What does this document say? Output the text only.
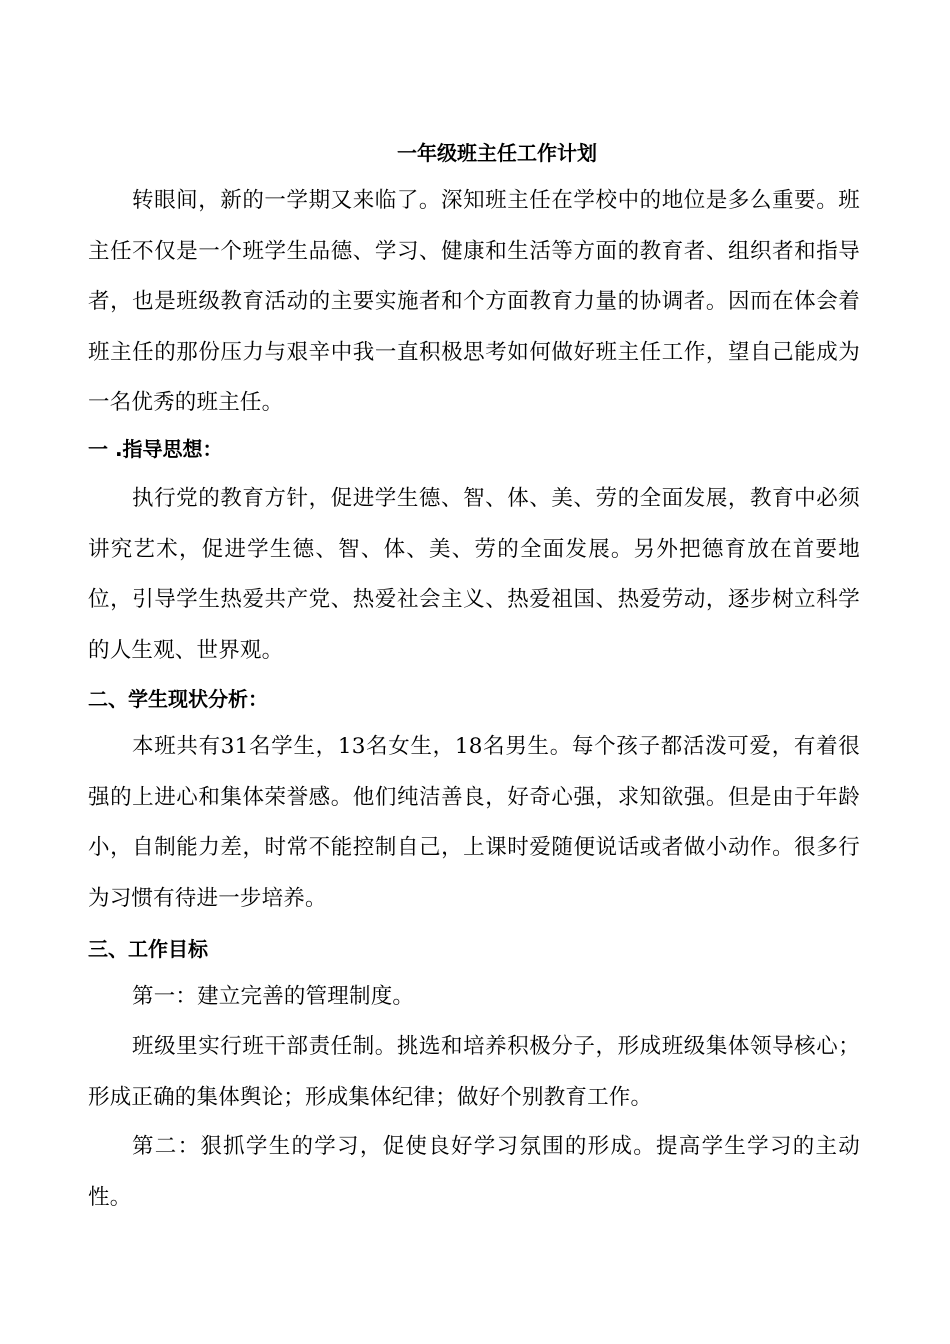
一年级班主任工作计划

转眼间，新的一学期又来临了。深知班主任在学校中的地位是多么重要。班主任不仅是一个班学生品德、学习、健康和生活等方面的教育者、组织者和指导者，也是班级教育活动的主要实施者和个方面教育力量的协调者。因而在体会着班主任的那份压力与艰辛中我一直积极思考如何做好班主任工作，望自己能成为一名优秀的班主任。

一 .指导思想：

执行党的教育方针，促进学生德、智、体、美、劳的全面发展，教育中必须讲究艺术，促进学生德、智、体、美、劳的全面发展。另外把德育放在首要地位，引导学生热爱共产党、热爱社会主义、热爱祖国、热爱劳动，逐步树立科学的人生观、世界观。

二、学生现状分析：

本班共有31名学生，13名女生，18名男生。每个孩子都活泼可爱，有着很强的上进心和集体荣誉感。他们纯洁善良，好奇心强，求知欲强。但是由于年龄小，自制能力差，时常不能控制自己，上课时爱随便说话或者做小动作。很多行为习惯有待进一步培养。

三、工作目标

第一：建立完善的管理制度。

班级里实行班干部责任制。挑选和培养积极分子，形成班级集体领导核心；形成正确的集体舆论；形成集体纪律；做好个别教育工作。

第二：狠抓学生的学习，促使良好学习氛围的形成。提高学生学习的主动性。
